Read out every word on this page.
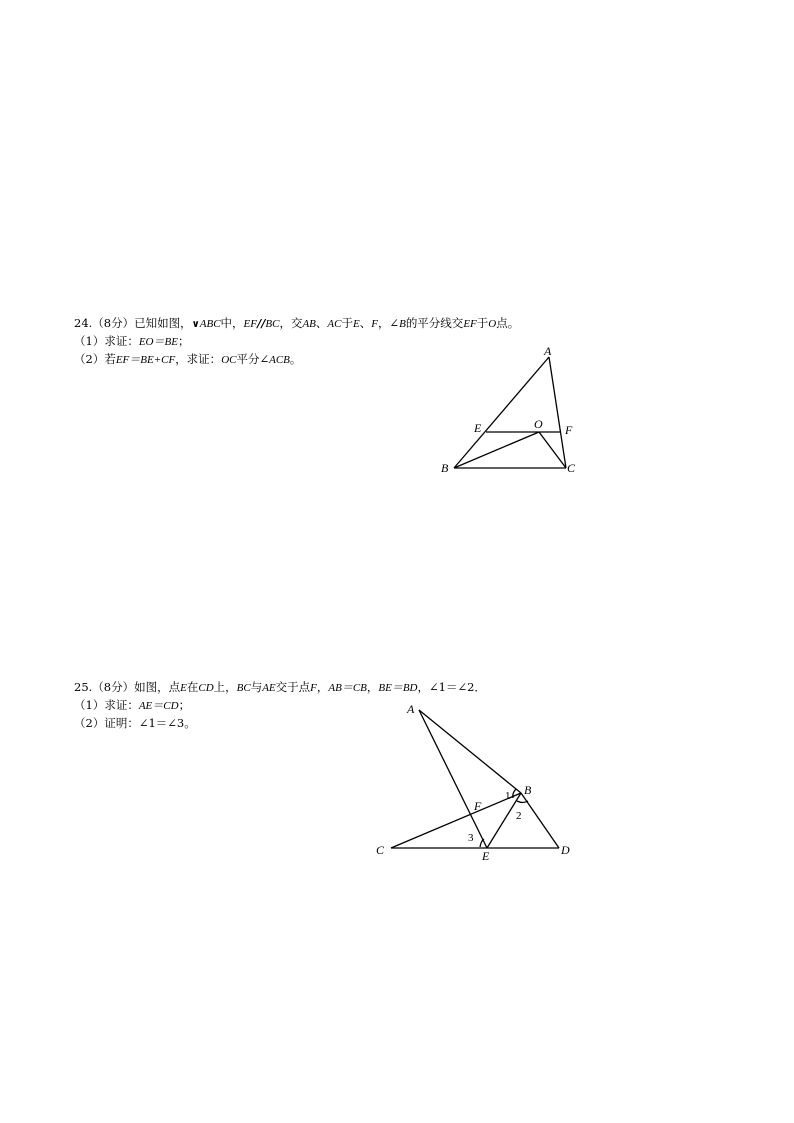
24.（8分）已知如图，∨ABC中，EF//BC，交AB、AC于E、F，∠B的平分线交EF于O点。
（1）求证：EO＝BE；
（2）若EF＝BE+CF，求证：OC平分∠ACB。
A
E	O F
B	C
25.（8分）如图，点E在CD上，BC与AE交于点F，AB＝CB，BE＝BD，∠1＝∠2．
（1）求证：AE＝CD；
（2）证明：∠1＝∠3。
A
B
F
C	E	D
1
2
3
